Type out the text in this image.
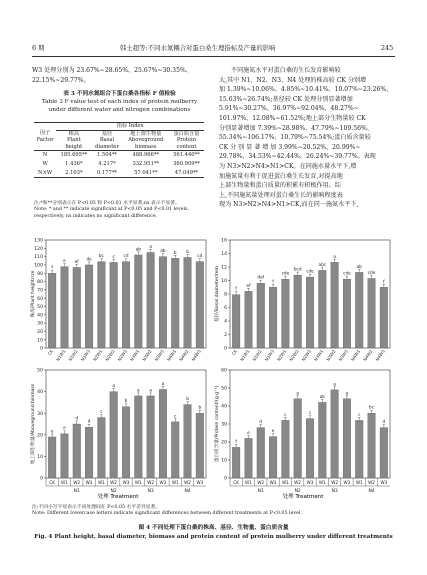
6 期	韩士超等:不同水氮耦合对蛋白桑生理指标及产量的影响	245
W3 处理分别为 23.67%~28.65%、25.67%~30.35%、
22.15%~29.77%。
表 3 不同水氮组合下蛋白桑各指标 F 值检验
Table 3 F value test of each index of protein mulberry
under different water and nitrogen combinations
因子
Factor	指标 Index			
	株高	基径	地上部生物量	蛋白质含量
	Plant	Basal	Aboveground	Protein
	height	diameter	biomass	content
N	185.695**	1.504**	488.966**	561.440**
W	1.436*	4.217*	332.951**	360.909**
N×W	2.103*	0.177**	57.041**	47.049**
注:*和**分别表示在 P<0.05 和 P<0.01 水平显著,ns 表示不显著。
Note: * and ** indicate significant at P<0.05 and P<0.01 levels,
respectively, ns indicates no significant difference.
不同施氮水平对蛋白桑的生长发育影响较
大,其中 N1、N2、N3、N4 处理的株高较 CK 分别增
加 1.39%~10.06%、4.85%~10.41%、10.07%~23.26%、
15.63%~26.74%;基径较 CK 处理分别显著增加
5.91%~30.27%、36.97%~92.04%、48.27%~
101.97%、12.08%~61.52%;地上部分生物量较 CK
分别显著增加 7.39%~28.98%、47.79%~109.56%、
55.34%~106.17%、10.79%~75.54%;蛋白质含量较
CK 分 别 显 著 增 加 3.99%~20.52%、20.99%~
29.78%、34.53%~42.44%、26.24%~39.77%。表现
为 N3>N2>N4>N1>CK。在同施水量水平下,增
加施氮量有利于促进蛋白桑生长发育,对提高地
上部生物量和蛋白质量的积累有积极作用。综
上,不同施氮量处理对蛋白桑生长的影响程度表
现为 N3>N2>N4>N1>CK,而在同一施氮水平下,
0
10
20
30
40
50
60
70
80
90
100
110
120
130
株高/Plant height/cm
f
e ef de
bc c cd
ab a
ab b b
cd
CK N1W1 N1W2 N1W3 N2W1 N2W2 N2W3 N3W1 N3W2 N3W3 N4W1 N4W2 N4W3	0
2
4
6
8
10
12
14
16
基径/Basal diameter/mm	f
ef
def
f
cde
bcd cde
abc
a
cde
ab
cde
f
CK N1W1 N1W2 N1W3 N2W1 N2W2 N2W3 N3W1 N3W2 N3W3 N4W1 N4W2 N4W3
0
10
20
30
40
50
地上部生物量/Aboveground biomass	e
e
d
d
c
a
b
a a
a
c
b
b
CK W1 W2 W3 W1 W2 W3 W1 W2 W3 W1 W2 W3
N1	N2	N3	N4
0
10
20
30
40
50
60
蛋白质含量/Protein content/(g·g⁻¹)	f
e
d
e
c
a
c
ab
a
a
c
bc
d
CK W1 W2 W3 W1 W2 W3 W1 W2 W3 W1 W2 W3
N1	N2	N3	N4
处理 Treatment	处理 Treatment
注:不同小写字母表示不同处理间在 P<0.05 水平差异显著。
Note: Different lowercase letters indicate significant differences between different treatments at P<0.05 level.
图 4 不同处理下蛋白桑的株高、基径、生物量、蛋白质含量
Fig. 4 Plant height, basal diameter, biomass and protein content of protein mulberry under different treatments
